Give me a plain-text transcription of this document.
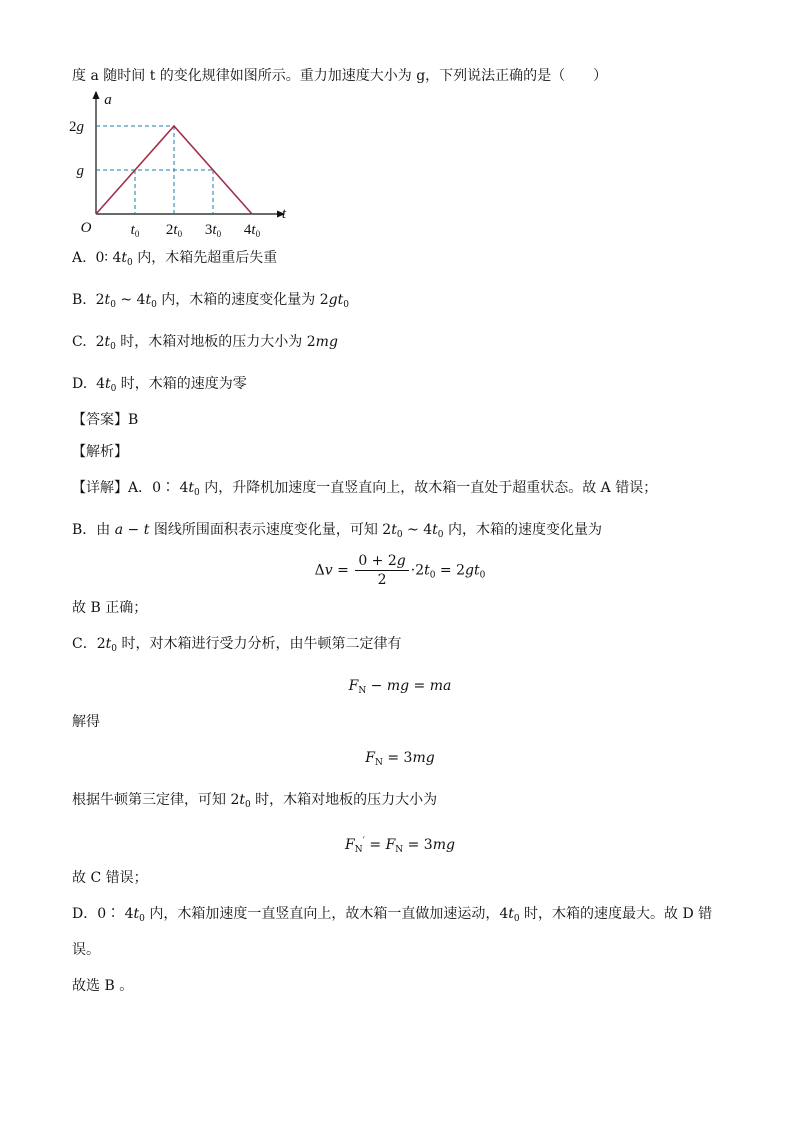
度 a 随时间 t 的变化规律如图所示。重力加速度大小为 g，下列说法正确的是（　　）
a
t
O
2g
g
$t_0$ $2t_0$ $3t_0$ $4t_0$
A.  0∶ $4t_0$ 内，木箱先超重后失重
B.  $2t_0$ ~ $4t_0$ 内，木箱的速度变化量为 $2gt_0$
C.  $2t_0$ 时，木箱对地板的压力大小为 2mg
D.  $4t_0$ 时，木箱的速度为零
【答案】B
【解析】
【详解】A．0∶ $4t_0$ 内，升降机加速度一直竖直向上，故木箱一直处于超重状态。故 A 错误；
B．由 a − t 图线所围面积表示速度变化量，可知 $2t_0$ ~ $4t_0$ 内，木箱的速度变化量为
$\Delta v = \frac{0 + 2g}{2} \cdot 2t_0 = 2gt_0$
故 B 正确；
C．$2t_0$ 时，对木箱进行受力分析，由牛顿第二定律有
$F_N$ − mg = ma
解得
$F_N = 3mg$
根据牛顿第三定律，可知 $2t_0$ 时，木箱对地板的压力大小为
$F_N' = F_N = 3mg$
故 C 错误；
D．0∶ $4t_0$ 内，木箱加速度一直竖直向上，故木箱一直做加速运动，$4t_0$ 时，木箱的速度最大。故 D 错
误。
故选 B 。
